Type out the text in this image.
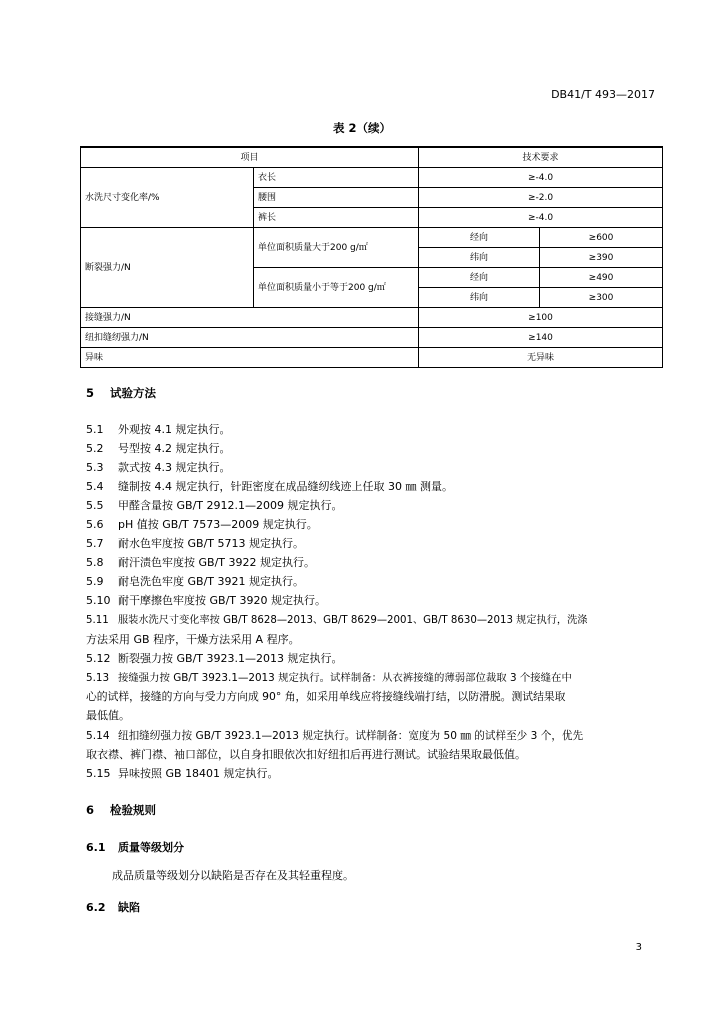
DB41/T 493—2017
表 2（续）
项目		技术要求	
水洗尺寸变化率/%	衣长	≥-4.0	
	腰围	≥-2.0	
	裤长	≥-4.0	
断裂强力/N	单位面积质量大于200 g/㎡	经向	≥600
		纬向	≥390
	单位面积质量小于等于200 g/㎡	经向	≥490
		纬向	≥300
接缝强力/N		≥100	
纽扣缝纫强力/N		≥140	
异味		无异味	
5 试验方法
5.1 外观按 4.1 规定执行。
5.2 号型按 4.2 规定执行。
5.3 款式按 4.3 规定执行。
5.4 缝制按 4.4 规定执行，针距密度在成品缝纫线迹上任取 30 ㎜ 测量。
5.5 甲醛含量按 GB/T 2912.1—2009 规定执行。
5.6 pH 值按 GB/T 7573—2009 规定执行。
5.7 耐水色牢度按 GB/T 5713 规定执行。
5.8 耐汗渍色牢度按 GB/T 3922 规定执行。
5.9 耐皂洗色牢度 GB/T 3921 规定执行。
5.10 耐干摩擦色牢度按 GB/T 3920 规定执行。
5.11 服装水洗尺寸变化率按 GB/T 8628—2013、GB/T 8629—2001、GB/T 8630—2013 规定执行，洗涤
方法采用 GB 程序，干燥方法采用 A 程序。
5.12 断裂强力按 GB/T 3923.1—2013 规定执行。
5.13 接缝强力按 GB/T 3923.1—2013 规定执行。试样制备：从衣裤接缝的薄弱部位裁取 3 个接缝在中
心的试样，接缝的方向与受力方向成 90° 角，如采用单线应将接缝线端打结，以防滑脱。测试结果取
最低值。
5.14 纽扣缝纫强力按 GB/T 3923.1—2013 规定执行。试样制备：宽度为 50 ㎜ 的试样至少 3 个，优先
取衣襟、裤门襟、袖口部位，以自身扣眼依次扣好纽扣后再进行测试。试验结果取最低值。
5.15 异味按照 GB 18401 规定执行。
6 检验规则
6.1 质量等级划分
成品质量等级划分以缺陷是否存在及其轻重程度。
6.2 缺陷
3
